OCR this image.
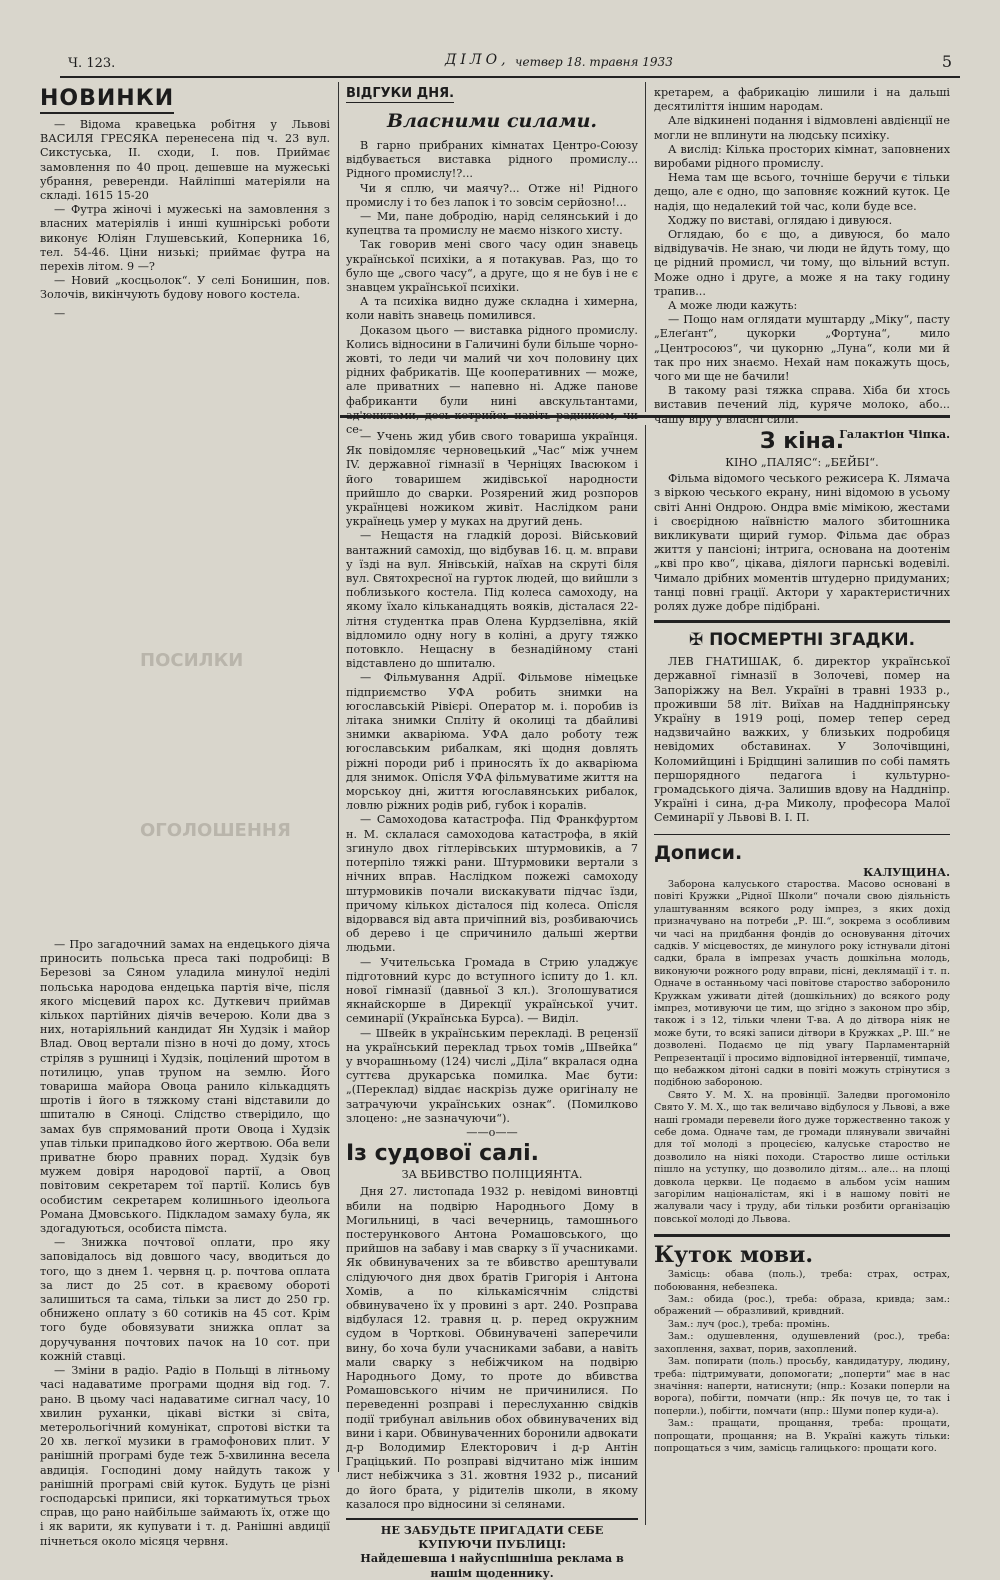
Ч. 123.	ДІЛО, четвер 18. травня 1933	5
ПОСИЛКИ
ОГОЛОШЕННЯ
НОВИНКИ

— Відома кравецька робітня у Львові ВАСИЛЯ ГРЕСЯКА перенесена під ч. 23 вул. Сикстуська, II. сходи, I. пов. Приймає замовлення по 40 проц. дешевше на мужеські убрання, реверенди. Найліпші матеріяли на складі. 1615 15-20

— Футра жіночі і мужеські на замовлення з власних матеріялів і инші кушнірські роботи виконує Юліян Глушевський, Коперника 16, тел. 54-46. Ціни низькі; приймає футра на перехів літом. 9 —?

— Новий „косцьолок“. У селі Бонишин, пов. Золочів, викінчують будову нового костела.

—

— Про загадочний замах на ендецького діяча приносить польська преса такі подробиці: В Березові за Сяном уладила минулої неділі польська народова ендецька партія віче, після якого місцевий парох кс. Дуткевич приймав кількох партійних діячів вечерою. Коли два з них, нотаріяльний кандидат Ян Худзік і майор Влад. Овоц вертали пізно в ночі до дому, хтось стріляв з рушниці і Худзік, поцілений шротом в потилицю, упав трупом на землю. Його товариша майора Овоца ранило кількадцять шротів і його в тяжкому стані відставили до шпиталю в Сяноці. Слідство стверідило, що замах був спрямований проти Овоца і Худзік упав тільки припадково його жертвою. Оба вели приватне бюро правних порад. Худзік був мужем довіря народової партії, а Овоц повітовим секретарем тої партії. Колись був особистим секретарем колишнього ідеольога Романа Дмовського. Підкладом замаху була, як здогадуються, особиста пімста.

— Знижка почтової оплати, про яку заповідалось від довшого часу, вводиться до того, що з днем 1. червня ц. р. почтова оплата за лист до 25 сот. в краєвому обороті залишиться та сама, тільки за лист до 250 гр. обнижено оплату з 60 сотиків на 45 сот. Крім того буде обовязувати знижка оплат за доручування почтових пачок на 10 сот. при кожній ставці.

— Зміни в радіо. Радіо в Польщі в літньому часі надаватиме програми щодня від год. 7. рано. В цьому часі надаватиме сигнал часу, 10 хвилин руханки, цікаві вістки зі світа, метерольогічний комунікат, спротові вістки та 20 хв. легкої музики в грамофонових плит. У ранішній програмі буде теж 5-хвилинна весела авдиція. Господині дому найдуть також у ранішній програмі свій куток. Будуть це різні господарські приписи, які торкатимуться трьох справ, що рано найбільше займають їх, отже що і як варити, як купувати і т. д. Ранішні авдиції пічнеться около місяця червня.

ВІДГУКИ ДНЯ.
Власними силами.

В гарно прибраних кімнатах Центро-Союзу відбувається виставка рідного промислу... Рідного промислу!?...

Чи я сплю, чи маячу?... Отже ні! Рідного промислу і то без лапок і то зовсім серйозно!...

— Ми, пане добродію, нарід селянський і до купецтва та промислу не маємо нізкого хисту.

Так говорив мені свого часу один знавець української психіки, а я потакував. Раз, що то було ще „свого часу“, а друге, що я не був і не є знавцем української психіки.

А та психіка видно дуже складна і химерна, коли навіть знавець помилився.

Доказом цього — виставка рідного промислу. Колись відносини в Галичині були більше чорно-жовті, то леди чи малий чи хоч половину цих рідних фабрикатів. Ще кооперативних — може, але приватних — напевно ні. Адже панове фабриканти були нині авскультантами, ад'юнктами, десь-котрийсь навіть радником, чи се-

кретарем, а фабрикацію лишили і на дальші десятиліття іншим народам.

Але відкинені подання і відмовлені авдієнції не могли не вплинути на людську психіку.

А вислід: Кілька просторих кімнат, заповнених виробами рідного промислу.

Нема там ще всього, точніше беручи є тільки дещо, але є одно, що заповняє кожний куток. Це надія, що недалекий той час, коли буде все.

Ходжу по виставі, оглядаю і дивуюся.

Оглядаю, бо є що, а дивуюся, бо мало відвідувачів. Не знаю, чи люди не йдуть тому, що це рідний промисл, чи тому, що вільний вступ. Може одно і друге, а може я на таку годину трапив...

А може люди кажуть:

— Пощо нам оглядати муштарду „Міку“, пасту „Елеґант“, цукорки „Фортуна“, мило „Центросоюз“, чи цукорню „Луна“, коли ми й так про них знаємо. Нехай нам покажуть щось, чого ми ще не бачили!

В такому разі тяжка справа. Хіба би хтось виставив печений лід, куряче молоко, або... чашу віру у власні сили.

Галактіон Чіпка.

— Учень жид убив свого товариша українця. Як повідомляє черновецький „Час“ між учнем IV. державної гімназії в Черніцях Івасюком і його товаришем жидівської народности прийшло до сварки. Розярений жид розпоров українцеві ножиком живіт. Наслідком рани українець умер у муках на другий день.

— Нещастя на гладкій дорозі. Військовий вантажний самохід, що відбував 16. ц. м. вправи у їзді на вул. Янівській, наїхав на скруті біля вул. Святохресної на гурток людей, що вийшли з поблизького костела. Під колеса самоходу, на якому їхало кільканадцять вояків, дісталася 22-літня студентка прав Олена Курдзелівна, якій відломило одну ногу в коліні, а другу тяжко потовкло. Нещасну в безнадійному стані відставлено до шпиталю.

— Фільмування Адрії. Фільмове німецьке підприємство УФА робить знимки на югославській Рівієрі. Оператор м. і. поробив із літака знимки Спліту й околиці та дбайливі знимки акваріюма. УФА дало роботу теж югославським рибалкам, які щодня довлять ріжні породи риб і приносять їх до акваріюма для знимок. Опісля УФА фільмуватиме життя на морськоу дні, життя югославянських рибалок, ловлю ріжних родів риб, губок і коралів.

— Самоходова катастрофа. Під Франкфуртом н. М. склалася самоходова катастрофа, в якій згинуло двох гітлерівських штурмовиків, а 7 потерпіло тяжкі рани. Штурмовики вертали з нічних вправ. Наслідком пожежі самоходу штурмовиків почали вискакувати підчас їзди, причому кількох дісталося під колеса. Опісля відорвався від авта причіпний віз, розбиваючись об дерево і це спричинило дальші жертви людьми.

— Учительська Громада в Стрию уладжує підготовний курс до вступного іспиту до 1. кл. нової гімназії (давньої 3 кл.). Зголошуватися якнайскорше в Дирекції української учит. семинарії (Українська Бурса). — Виділ.

— Швейк в українським перекладі. В рецензії на український переклад трьох томів „Швейка“ у вчорашньому (124) числі „Діла“ вкралася одна суттєва друкарська помилка. Має бути: „(Переклад) віддає наскрізь дуже оригіналу не затрачуючи українських ознак“. (Помилково злоцено: „не зазначуючи“).

——o——

Із судової салі.

ЗА ВБИВСТВО ПОЛІЦИЯНТА.

Дня 27. листопада 1932 р. невідомі виновтці вбили на подвірю Народнього Дому в Могильниці, в часі вечерниць, тамошнього постерункового Антона Ромашовського, що прийшов на забаву і мав сварку з її учасниками. Як обвинувачених за те вбивство арештували слідуючого дня двох братів Григорія і Антона Хомів, а по кількамісячнім слідстві обвинувачено їх у провині з арт. 240. Розправа відбулася 12. травня ц. р. перед окружним судом в Чорткові. Обвинувачені заперечили вину, бо хоча були учасниками забави, а навіть мали сварку з небіжчиком на подвірю Народнього Дому, то проте до вбивства Ромашовського нічим не причинилися. По переведенні розправі і переслуханню свідків події трибунал авільнив обох обвинувачених від вини і кари. Обвинуваченних боронили адвокати д-р Володимир Електорович і д-р Антін Граціцький. По розправі відчитано між іншим лист небіжчика з 31. жовтня 1932 р., писаний до його брата, у рідителів школи, в якому казалося про відносини зі селянами.

НЕ ЗАБУДЬТЕ ПРИГАДАТИ СЕБЕ КУПУЮЧИ ПУБЛИЦІ:
Найдешевша і найуспішніша реклама в нашім щоденнику.
З кіна.

КІНО „ПАЛЯС“: „БЕЙБІ“.

Фільма відомого чеського режисера К. Лямача з віркою чеського екрану, нині відомою в усьому світі Анні Ондрою. Ондра вміє мімікою, жестами і своєрідною наївністю малого збитошника викликувати щирий гумор. Фільма дає образ життя у пансіоні; інтрига, основана на доотенім „кві про кво“, цікава, діялоги парнські водевілі. Чимало дрібних моментів штудерно придуманих; танці повні грації. Актори у характеристичних ролях дуже добре підібрані.

✠ ПОСМЕРТНІ ЗГАДКИ.

ЛЕВ ГНАТИШАК, б. директор української державної гімназії в Золочеві, помер на Запоріжжу на Вел. Україні в травні 1933 р., проживши 58 літ. Виїхав на Наддніпрянську Україну в 1919 році, помер тепер серед надзвичайно важких, у близьких подробиця невідомих обставинах. У Золочівщині, Коломийщині і Брідщині залишив по собі память першорядного педагога і культурно-громадського діяча. Залишив вдову на Наддніпр. Україні і сина, д-ра Миколу, професора Малої Семинарії у Львові В. І. П.

Дописи.

КАЛУЩИНА.

Заборона калуського староства. Масово основані в повіті Кружки „Рідної Школи“ почали свою діяльність улаштуванням всякого роду імпрез, з яких дохід призначувано на потреби „Р. Ш.“, зокрема з особливим чи часі на придбання фондів до основування діточих садків. У місцевостях, де минулого року істнували дітоні садки, брала в імпрезах участь дошкільна молодь, виконуючи рожного роду вправи, пісні, деклямації і т. п. Одначе в останньому часі повітове староство заборонило Кружкам уживати дітей (дошкільних) до всякого роду імпрез, мотивуючи це тим, що згідно з законом про збір, також і з 12, тільки члени Т-ва. А до дітвора ніяк не може бути, то всякі записи дітвори в Кружках „Р. Ш.“ не дозволені. Подаємо це під увагу Парламентарній Репрезентації і просимо відповідної інтервенції, тимпаче, що небажком дітоні садки в повіті можуть стрінутися з подібною забороною.

Свято У. М. Х. на провінції. Заледви прогомоніло Свято У. М. Х., що так величаво відбулося у Львові, а вже наші громади перевели його дуже торжественно також у себе дома. Одначе там, де громади плянували звичайні для тої молоді з процесією, калуське староство не дозволило на ніякі походи. Староство лише остільки пішло на уступку, що дозволило дітям... але... на площі довкола церкви. Це подаємо в альбом усім нашим загорілим націоналістам, які і в нашому повіті не жалували часу і труду, аби тільки розбити організацію повської молоді до Львова.

Куток мови.

Замісць: обава (поль.), треба: страх, острах, побоювання, небезпека.

Зам.: обида (рос.), треба: образа, кривда; зам.: ображений — образливий, кривдний.

Зам.: луч (рос.), треба: промінь.

Зам.: одушевлення, одушевлений (рос.), треба: захоплення, захват, порив, захоплений.

Зам. попирати (поль.) просьбу, кандидатуру, людину, треба: підтримувати, допомогати; „поперти“ має в нас значіння: наперти, натиснути; (нпр.: Козаки поперли на ворога), побігти, помчати (нпр.: Як почув це, то так і поперли.), побігти, помчати (нпр.: Шуми попер куди-а).

Зам.: пращати, прощання, треба: прощати, попрощати, прощання; на В. Україні кажуть тільки: попрощаться з чим, замісць галицького: прощати кого.
